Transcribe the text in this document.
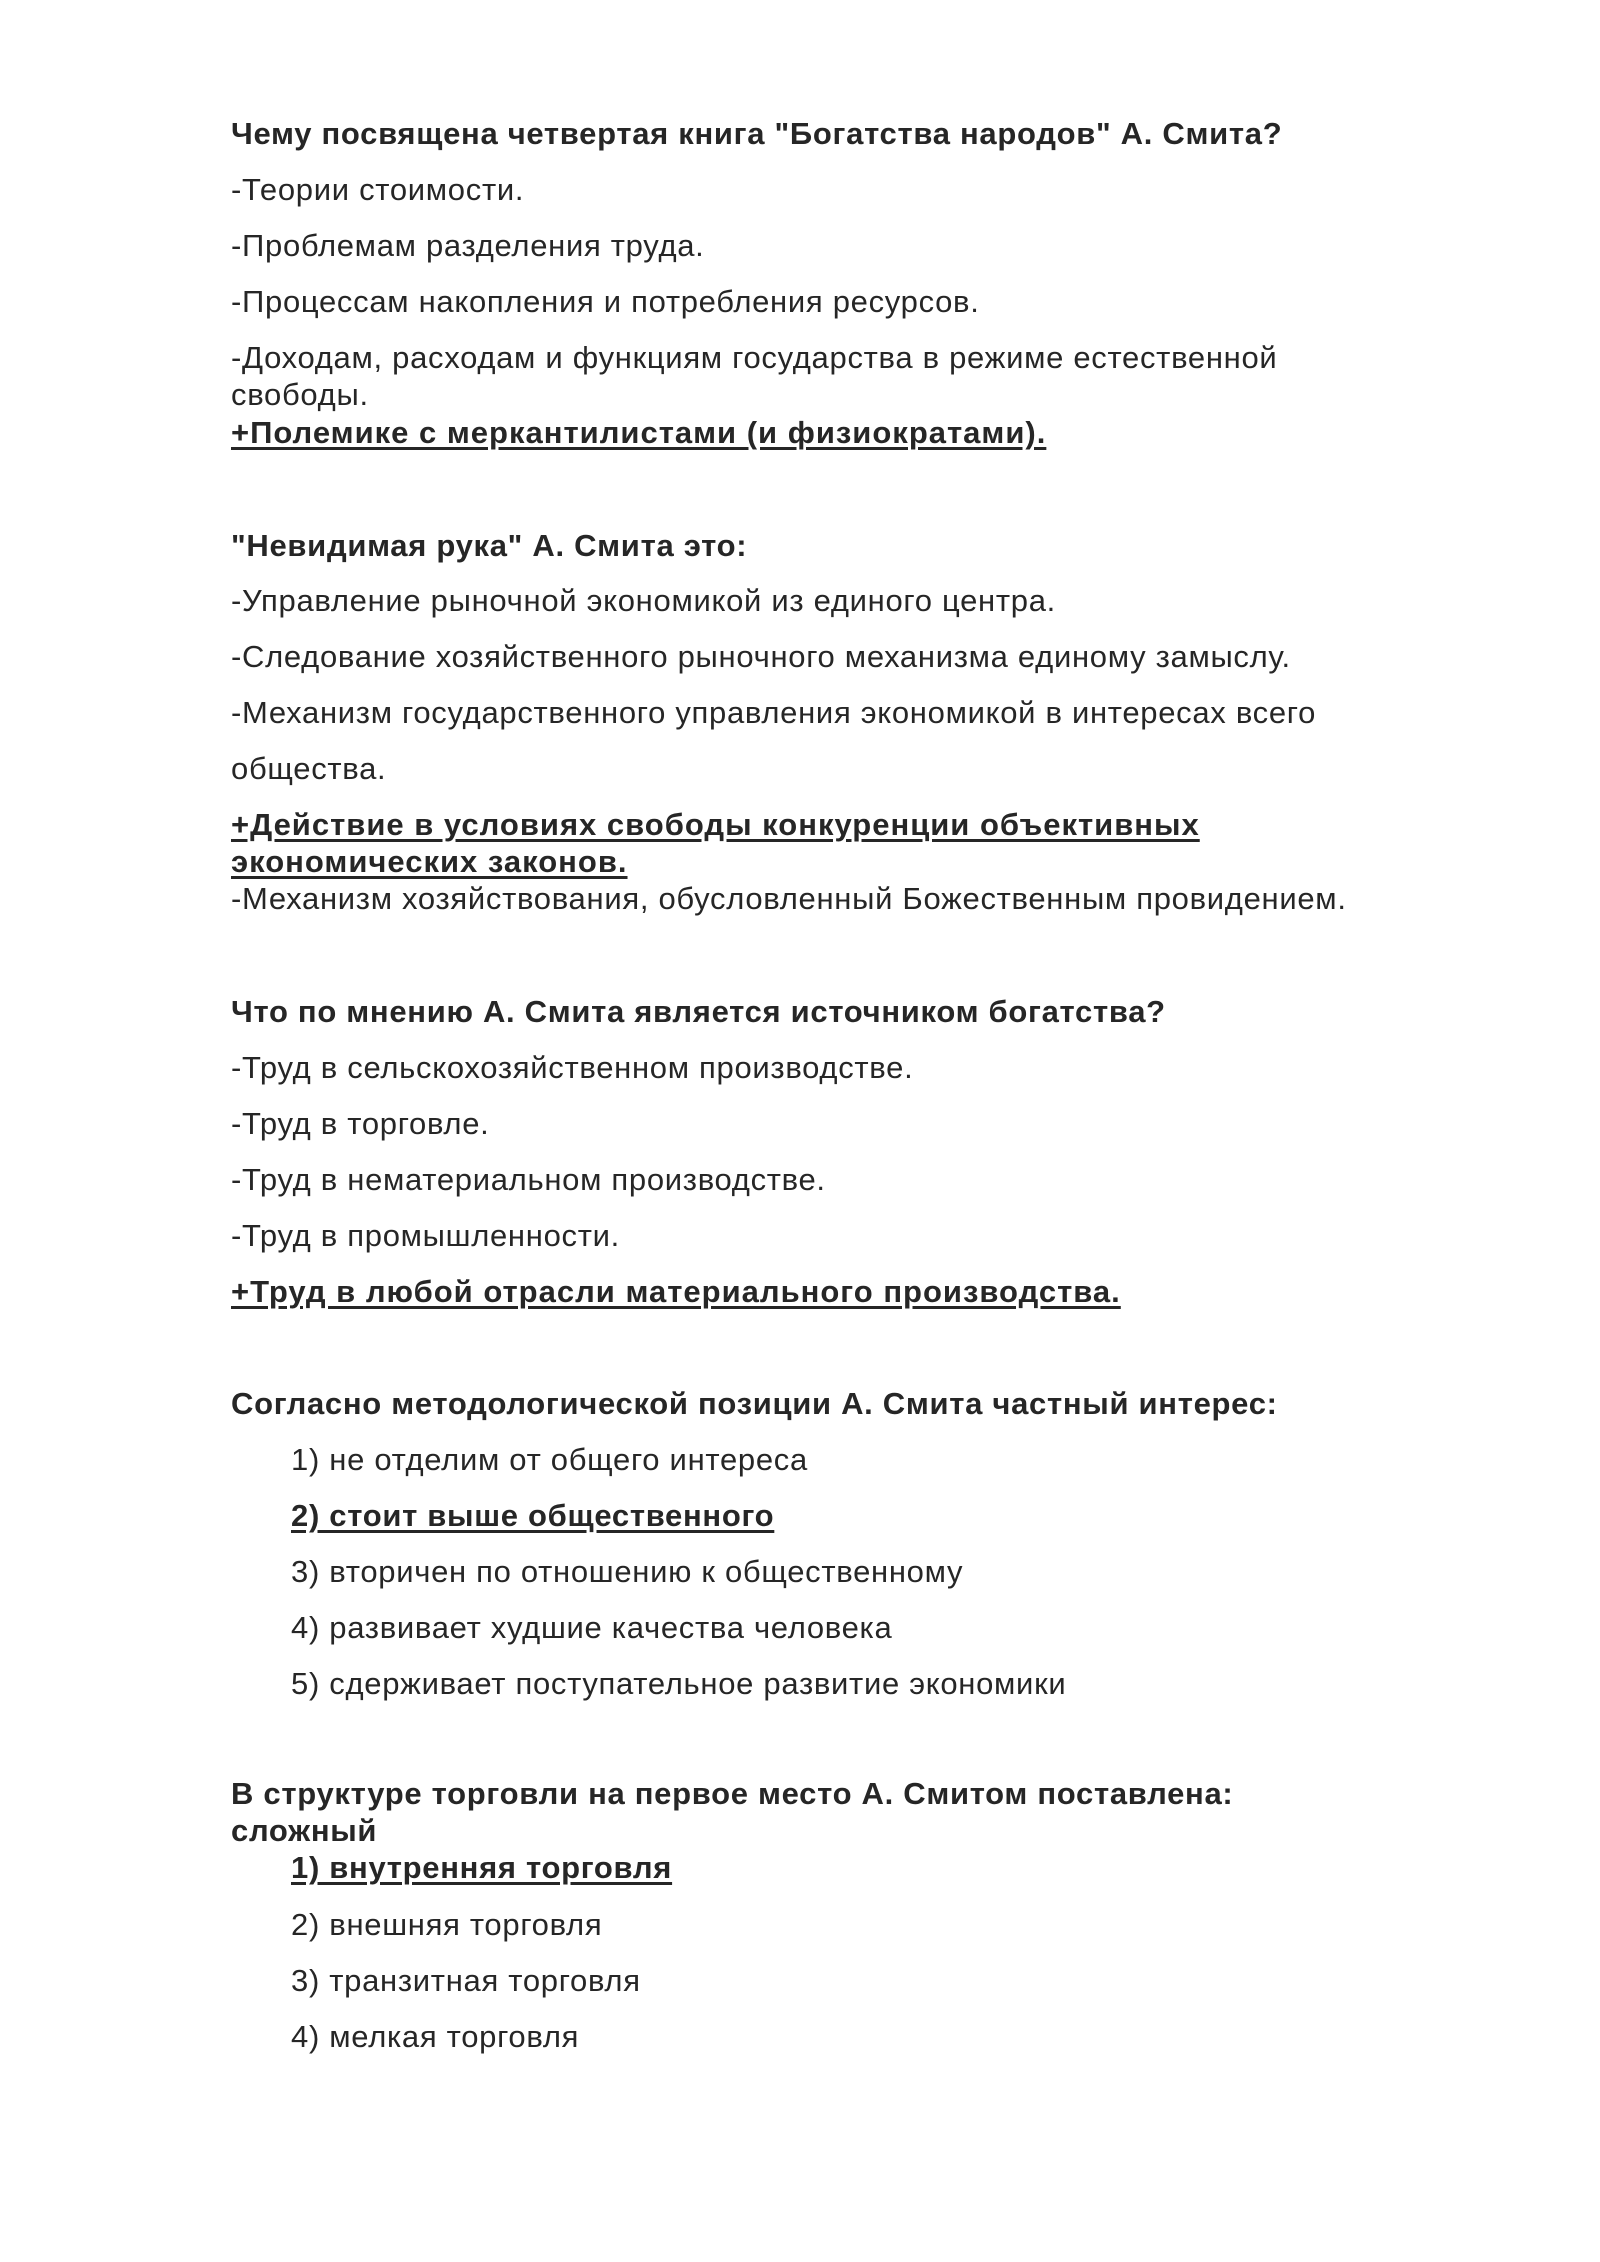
Чему посвящена четвертая книга "Богатства народов" А. Смита?

-Теории стоимости.

-Проблемам разделения труда.

-Процессам накопления и потребления ресурсов.

-Доходам, расходам и функциям государства в режиме естественной

свободы.

+Полемике с меркантилистами (и физиократами).

"Невидимая рука" А. Смита это:

-Управление рыночной экономикой из единого центра.

-Следование хозяйственного рыночного механизма единому замыслу.

-Механизм государственного управления экономикой в интересах всего

общества.

+Действие в условиях свободы конкуренции объективных

экономических законов.

-Механизм хозяйствования, обусловленный Божественным провидением.

Что по мнению А. Смита является источником богатства?

-Труд в сельскохозяйственном производстве.

-Труд в торговле.

-Труд в нематериальном производстве.

-Труд в промышленности.

+Труд в любой отрасли материального производства.

Согласно методологической позиции А. Смита частный интерес:

1) не отделим от общего интереса

2) стоит выше общественного

3) вторичен по отношению к общественному

4) развивает худшие качества человека

5) сдерживает поступательное развитие экономики

В структуре торговли на первое место А. Смитом поставлена:

сложный

1) внутренняя торговля

2) внешняя торговля

3) транзитная торговля

4) мелкая торговля
